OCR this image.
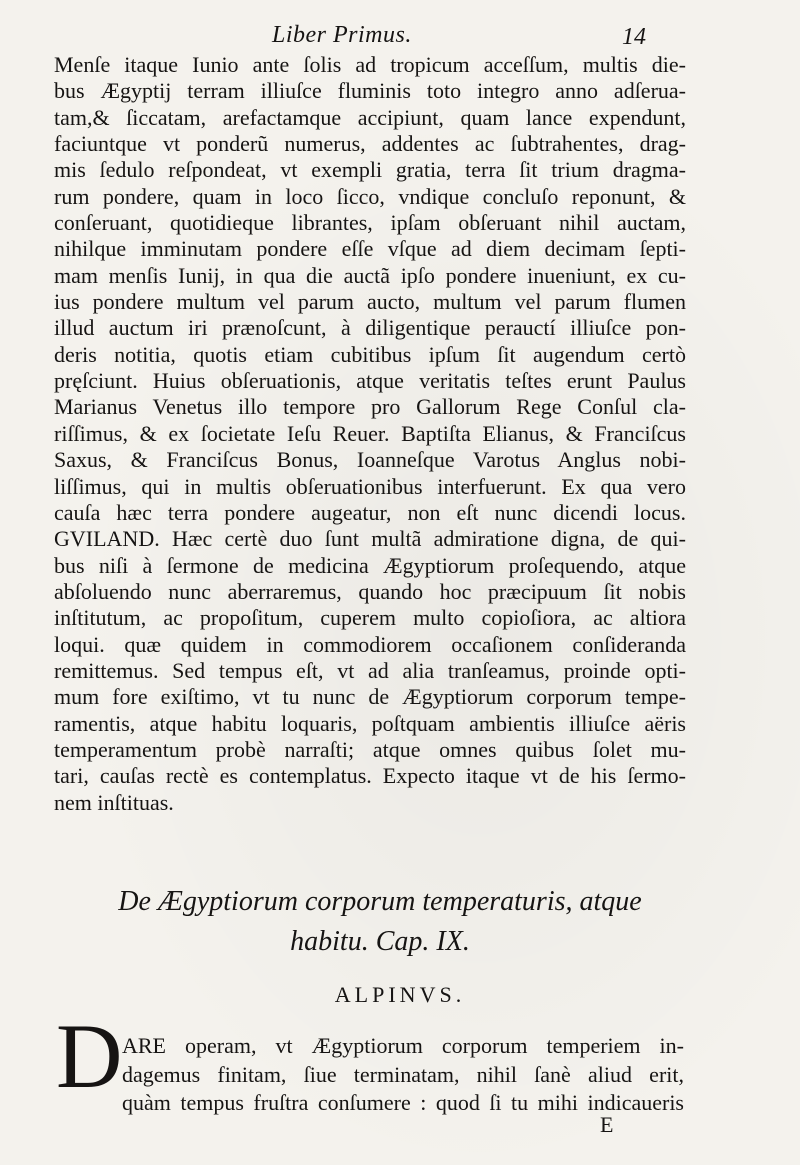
Liber Primus.	14
Menſe itaque Iunio ante ſolis ad tropicum acceſſum, multis die-
bus Ægyptij terram illiuſce fluminis toto integro anno adſerua-
tam,& ſiccatam, arefactamque accipiunt, quam lance expendunt,
faciuntque vt ponderũ numerus, addentes ac ſubtrahentes, drag-
mis ſedulo reſpondeat, vt exempli gratia, terra ſit trium dragma-
rum pondere, quam in loco ſicco, vndique concluſo reponunt, &
conſeruant, quotidieque librantes, ipſam obſeruant nihil auctam,
nihilque imminutam pondere eſſe vſque ad diem decimam ſepti-
mam menſis Iunij, in qua die auctã ipſo pondere inueniunt, ex cu-
ius pondere multum vel parum aucto, multum vel parum flumen
illud auctum iri prænoſcunt, à diligentique perauctí illiuſce pon-
deris notitia, quotis etiam cubitibus ipſum ſit augendum certò
pręſciunt. Huius obſeruationis, atque veritatis teſtes erunt Paulus
Marianus Venetus illo tempore pro Gallorum Rege Conſul cla-
riſſimus, & ex ſocietate Ieſu Reuer. Baptiſta Elianus, & Franciſcus
Saxus, & Franciſcus Bonus, Ioanneſque Varotus Anglus nobi-
liſſimus, qui in multis obſeruationibus interfuerunt. Ex qua vero
cauſa hæc terra pondere augeatur, non eſt nunc dicendi locus.
GVILAND. Hæc certè duo ſunt multã admiratione digna, de qui-
bus niſi à ſermone de medicina Ægyptiorum proſequendo, atque
abſoluendo nunc aberraremus, quando hoc præcipuum ſit nobis
inſtitutum, ac propoſitum, cuperem multo copioſiora, ac altiora
loqui. quæ quidem in commodiorem occaſionem conſideranda
remittemus. Sed tempus eſt, vt ad alia tranſeamus, proinde opti-
mum fore exiſtimo, vt tu nunc de Ægyptiorum corporum tempe-
ramentis, atque habitu loquaris, poſtquam ambientis illiuſce aëris
temperamentum probè narraſti; atque omnes quibus ſolet mu-
tari, cauſas rectè es contemplatus. Expecto itaque vt de his ſermo-
nem inſtituas.
De Ægyptiorum corporum temperaturis, atque
habitu. Cap. IX.
ALPINVS.
D ARE operam, vt Ægyptiorum corporum temperiem in-
dagemus finitam, ſiue terminatam, nihil ſanè aliud erit,
quàm tempus fruſtra conſumere : quod ſi tu mihi indicaueris
E
